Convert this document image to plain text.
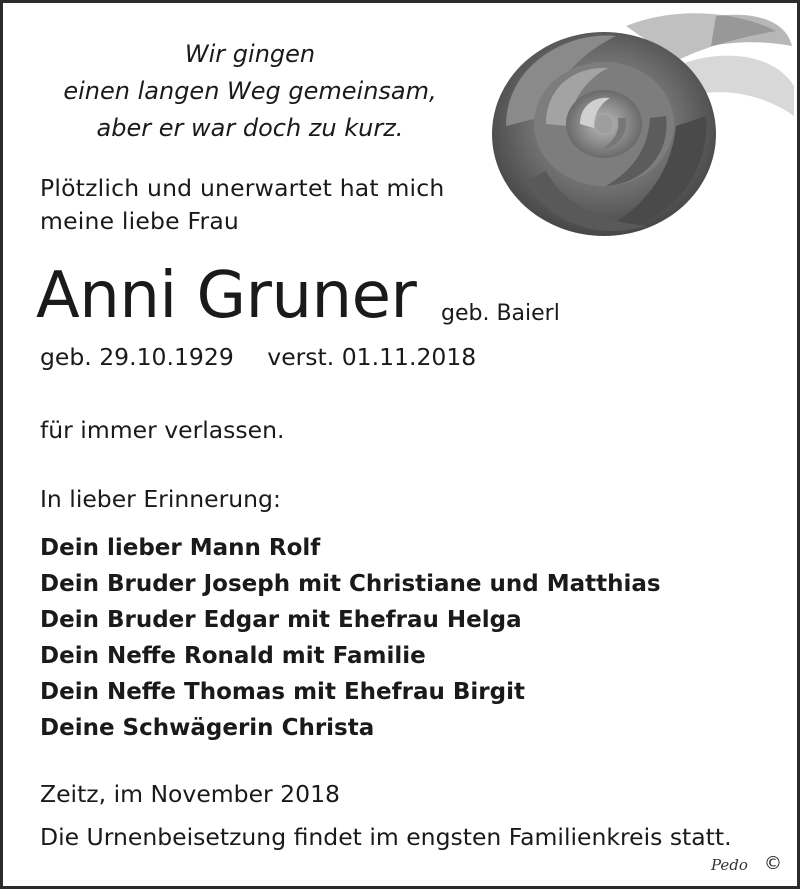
Wir gingen
einen langen Weg gemeinsam,
aber er war doch zu kurz.
Plötzlich und unerwartet hat mich
meine liebe Frau
Anni Gruner geb. Baierl
geb. 29.10.1929 verst. 01.11.2018
für immer verlassen.
In lieber Erinnerung:
Dein lieber Mann Rolf
Dein Bruder Joseph mit Christiane und Matthias
Dein Bruder Edgar mit Ehefrau Helga
Dein Neffe Ronald mit Familie
Dein Neffe Thomas mit Ehefrau Birgit
Deine Schwägerin Christa
Zeitz, im November 2018
Die Urnenbeisetzung findet im engsten Familienkreis statt.
Pedo ©
